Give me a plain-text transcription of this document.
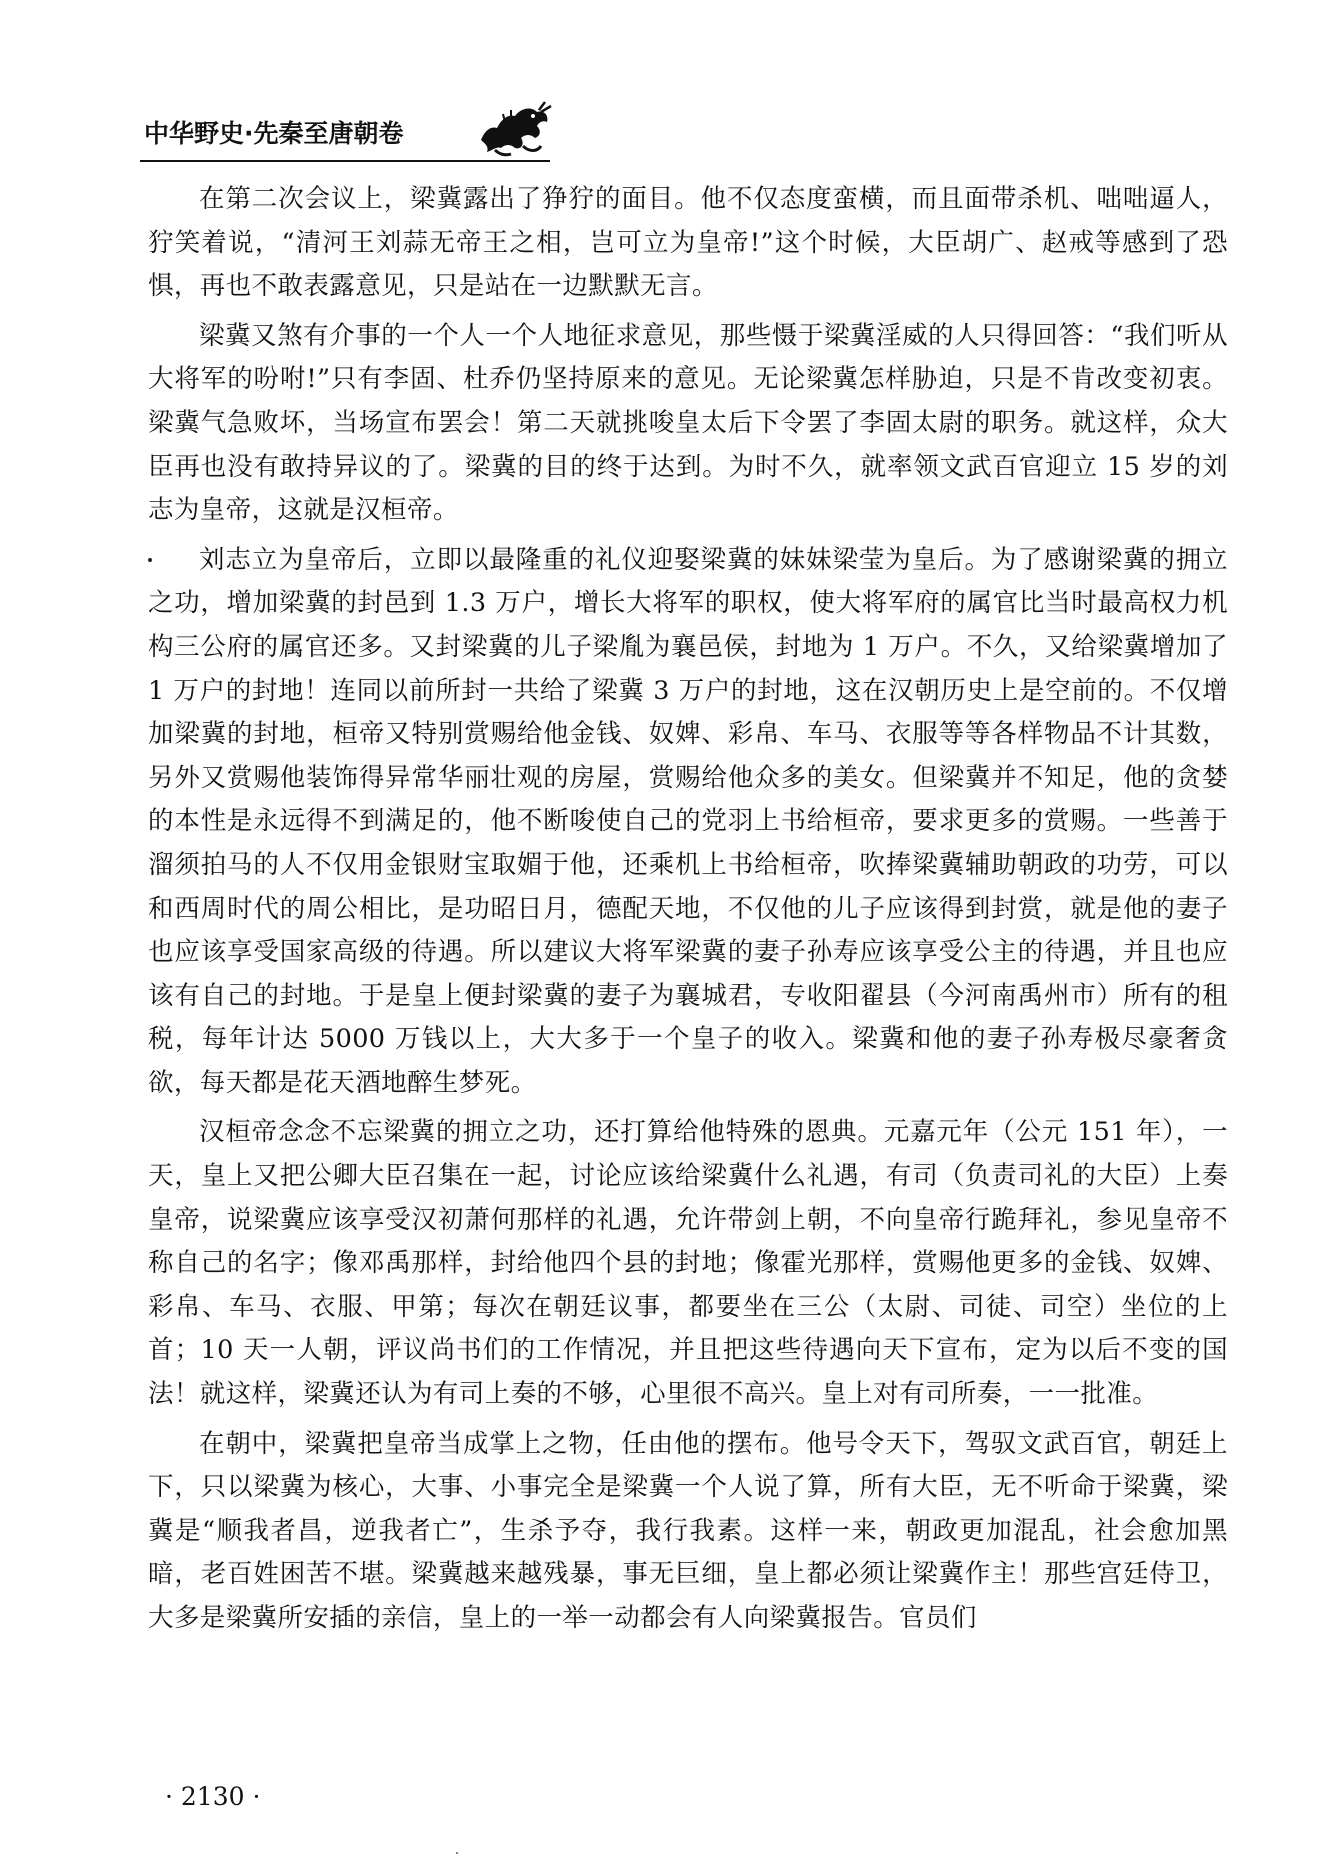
中华野史·先秦至唐朝卷

在第二次会议上，梁冀露出了狰狞的面目。他不仅态度蛮横，而且面带杀机、咄咄逼人，狞笑着说，“清河王刘蒜无帝王之相，岂可立为皇帝!”这个时候，大臣胡广、赵戒等感到了恐惧，再也不敢表露意见，只是站在一边默默无言。

梁冀又煞有介事的一个人一个人地征求意见，那些慑于梁冀淫威的人只得回答：“我们听从大将军的吩咐!”只有李固、杜乔仍坚持原来的意见。无论梁冀怎样胁迫，只是不肯改变初衷。梁冀气急败坏，当场宣布罢会！第二天就挑唆皇太后下令罢了李固太尉的职务。就这样，众大臣再也没有敢持异议的了。梁冀的目的终于达到。为时不久，就率领文武百官迎立 15 岁的刘志为皇帝，这就是汉桓帝。

刘志立为皇帝后，立即以最隆重的礼仪迎娶梁冀的妹妹梁莹为皇后。为了感谢梁冀的拥立之功，增加梁冀的封邑到 1.3 万户，增长大将军的职权，使大将军府的属官比当时最高权力机构三公府的属官还多。又封梁冀的儿子梁胤为襄邑侯，封地为 1 万户。不久，又给梁冀增加了 1 万户的封地！连同以前所封一共给了梁冀 3 万户的封地，这在汉朝历史上是空前的。不仅增加梁冀的封地，桓帝又特别赏赐给他金钱、奴婢、彩帛、车马、衣服等等各样物品不计其数，另外又赏赐他装饰得异常华丽壮观的房屋，赏赐给他众多的美女。但梁冀并不知足，他的贪婪的本性是永远得不到满足的，他不断唆使自己的党羽上书给桓帝，要求更多的赏赐。一些善于溜须拍马的人不仅用金银财宝取媚于他，还乘机上书给桓帝，吹捧梁冀辅助朝政的功劳，可以和西周时代的周公相比，是功昭日月，德配天地，不仅他的儿子应该得到封赏，就是他的妻子也应该享受国家高级的待遇。所以建议大将军梁冀的妻子孙寿应该享受公主的待遇，并且也应该有自己的封地。于是皇上便封梁冀的妻子为襄城君，专收阳翟县（今河南禹州市）所有的租税，每年计达 5000 万钱以上，大大多于一个皇子的收入。梁冀和他的妻子孙寿极尽豪奢贪欲，每天都是花天酒地醉生梦死。

汉桓帝念念不忘梁冀的拥立之功，还打算给他特殊的恩典。元嘉元年（公元 151 年），一天，皇上又把公卿大臣召集在一起，讨论应该给梁冀什么礼遇，有司（负责司礼的大臣）上奏皇帝，说梁冀应该享受汉初萧何那样的礼遇，允许带剑上朝，不向皇帝行跪拜礼，参见皇帝不称自己的名字；像邓禹那样，封给他四个县的封地；像霍光那样，赏赐他更多的金钱、奴婢、彩帛、车马、衣服、甲第；每次在朝廷议事，都要坐在三公（太尉、司徒、司空）坐位的上首；10 天一人朝，评议尚书们的工作情况，并且把这些待遇向天下宣布，定为以后不变的国法！就这样，梁冀还认为有司上奏的不够，心里很不高兴。皇上对有司所奏，一一批准。

在朝中，梁冀把皇帝当成掌上之物，任由他的摆布。他号令天下，驾驭文武百官，朝廷上下，只以梁冀为核心，大事、小事完全是梁冀一个人说了算，所有大臣，无不听命于梁冀，梁冀是“顺我者昌，逆我者亡”，生杀予夺，我行我素。这样一来，朝政更加混乱，社会愈加黑暗，老百姓困苦不堪。梁冀越来越残暴，事无巨细，皇上都必须让梁冀作主！那些宫廷侍卫，大多是梁冀所安插的亲信，皇上的一举一动都会有人向梁冀报告。官员们

· 2130 ·
